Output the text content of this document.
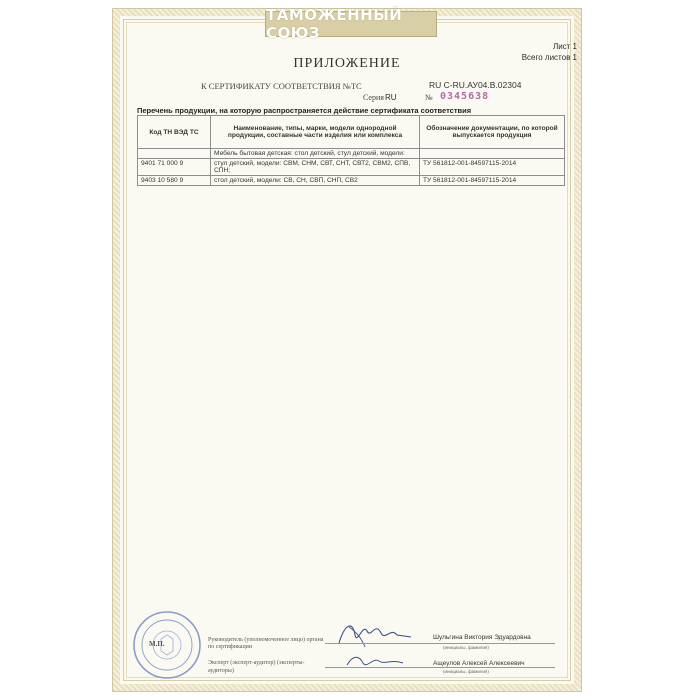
ТАМОЖЕННЫЙ СОЮЗ
Лист 1
Всего листов 1
ПРИЛОЖЕНИЕ
К СЕРТИФИКАТУ СООТВЕТСТВИЯ №ТС	RU C-RU.АУ04.В.02304
Серия RU	№ 0345638
Перечень продукции, на которую распространяется действие сертификата соответствия
Код ТН ВЭД ТС	Наименование, типы, марки, модели однородной продукции, составные части изделия или комплекса	Обозначение документации, по которой выпускается продукция
	Мебель бытовая детская: стол детский, стул детский, модели:	
9401 71 000 9	стул детский, модели: СВМ, СНМ, СВТ, СНТ, СВТ2, СВМ2, СПВ, СПН;	ТУ 561812-001-84597115-2014
9403 10 580 9	стол детский, модели: СВ, СН, СВП, СНП, СВ2	ТУ 561812-001-84597115-2014
М.П.	Руководитель (уполномоченное лицо) органа по сертификации
Шульгина Виктория Эдуардовна
(инициалы, фамилия)
Эксперт (эксперт-аудитор) (эксперты-аудиторы)
Ащеулов Алексей Алексеевич
(инициалы, фамилия)
